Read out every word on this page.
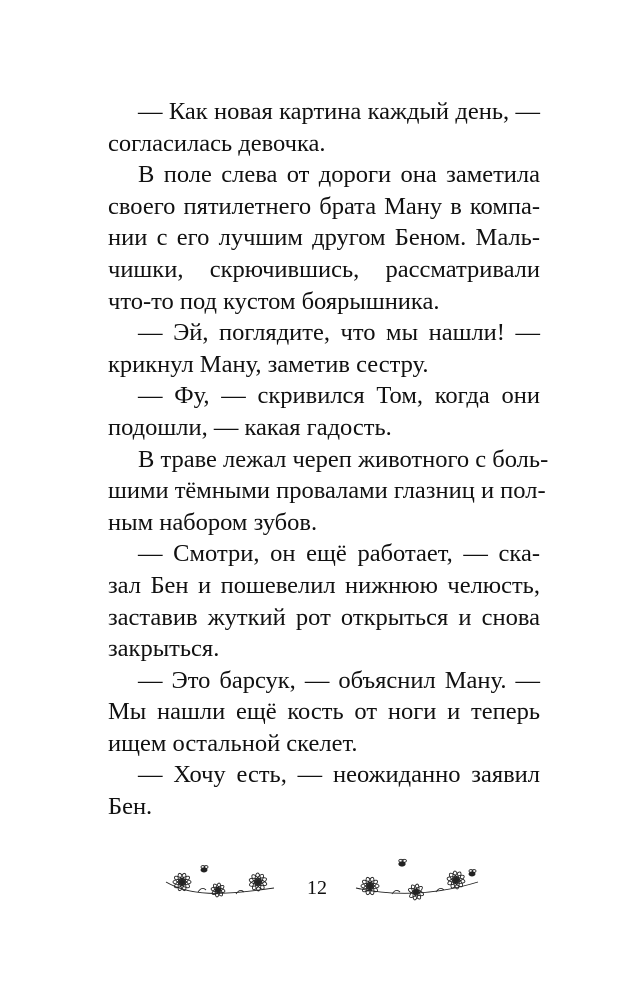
— Как новая картина каждый день, —
согласилась девочка.

В поле слева от дороги она заметила
своего пятилетнего брата Ману в компа-
нии с его лучшим другом Беном. Маль-
чишки, скрючившись, рассматривали
что-то под кустом боярышника.

— Эй, поглядите, что мы нашли! —
крикнул Ману, заметив сестру.

— Фу, — скривился Том, когда они
подошли, — какая гадость.

В траве лежал череп животного с боль-
шими тёмными провалами глазниц и пол-
ным набором зубов.

— Смотри, он ещё работает, — ска-
зал Бен и пошевелил нижнюю челюсть,
заставив жуткий рот открыться и снова
закрыться.

— Это барсук, — объяснил Ману. —
Мы нашли ещё кость от ноги и теперь
ищем остальной скелет.

— Хочу есть, — неожиданно заявил
Бен.

12
